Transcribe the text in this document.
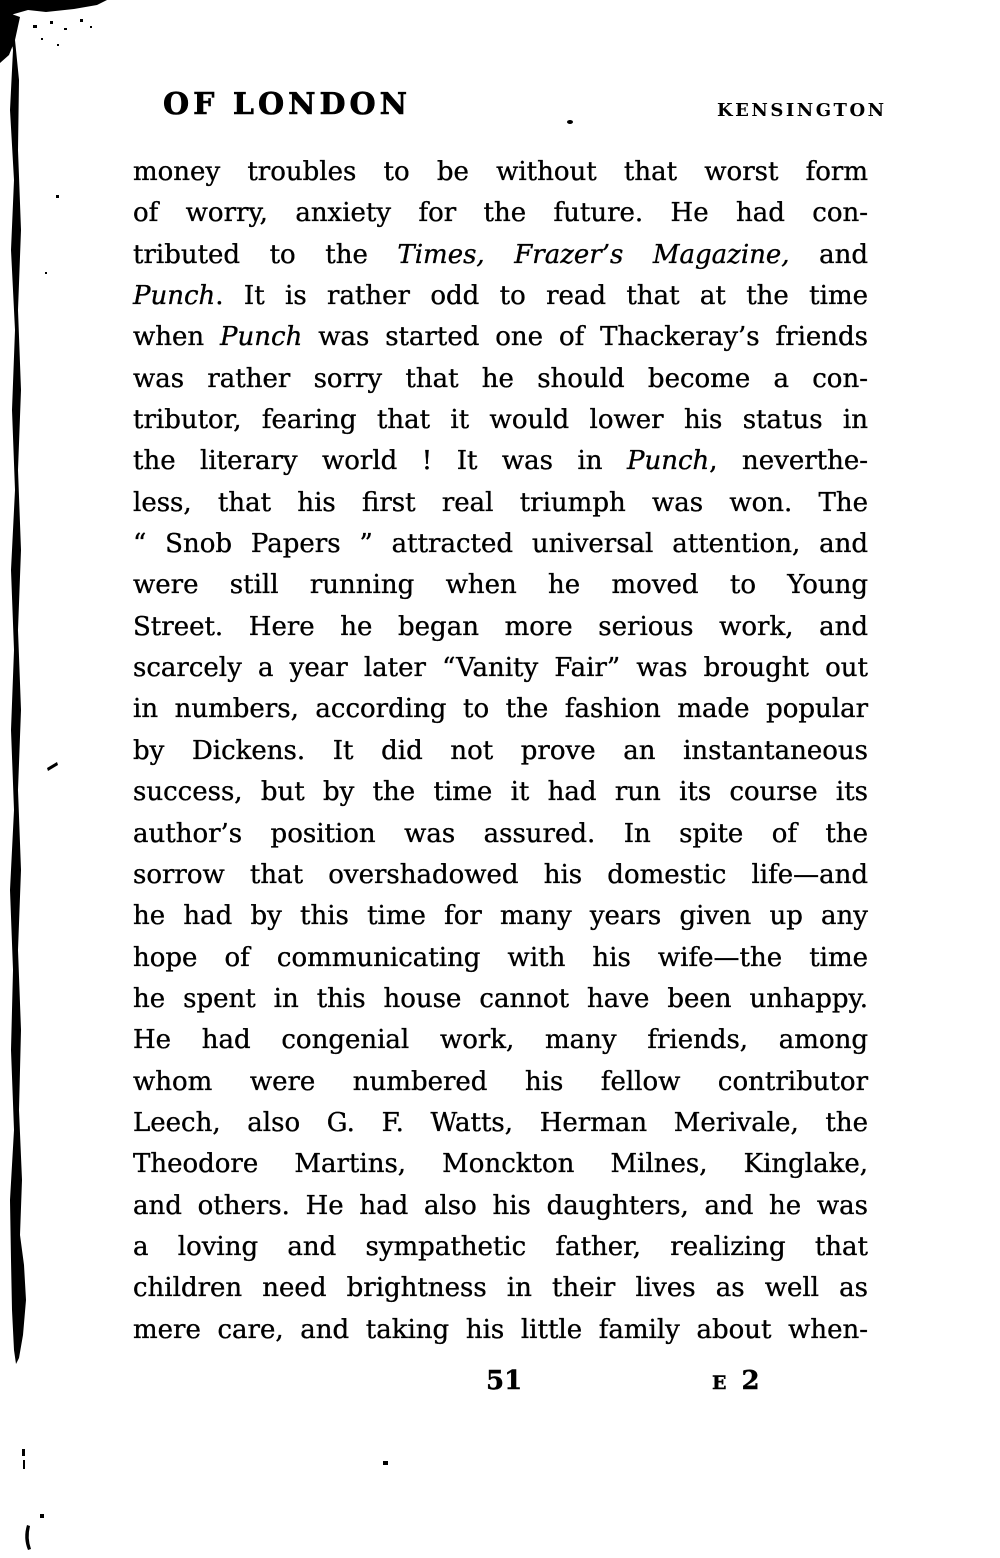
OF LONDON	KENSINGTON
money troubles to be without that worst form
of worry, anxiety for the future. He had con-
tributed to the Times, Frazer’s Magazine, and
Punch. It is rather odd to read that at the time
when Punch was started one of Thackeray’s friends
was rather sorry that he should become a con-
tributor, fearing that it would lower his status in
the literary world ! It was in Punch, neverthe-
less, that his first real triumph was won. The
“ Snob Papers ” attracted universal attention, and
were still running when he moved to Young
Street. Here he began more serious work, and
scarcely a year later “Vanity Fair” was brought out
in numbers, according to the fashion made popular
by Dickens. It did not prove an instantaneous
success, but by the time it had run its course its
author’s position was assured. In spite of the
sorrow that overshadowed his domestic life—and
he had by this time for many years given up any
hope of communicating with his wife—the time
he spent in this house cannot have been unhappy.
He had congenial work, many friends, among
whom were numbered his fellow contributor
Leech, also G. F. Watts, Herman Merivale, the
Theodore Martins, Monckton Milnes, Kinglake,
and others. He had also his daughters, and he was
a loving and sympathetic father, realizing that
children need brightness in their lives as well as
mere care, and taking his little family about when-
51	E 2
